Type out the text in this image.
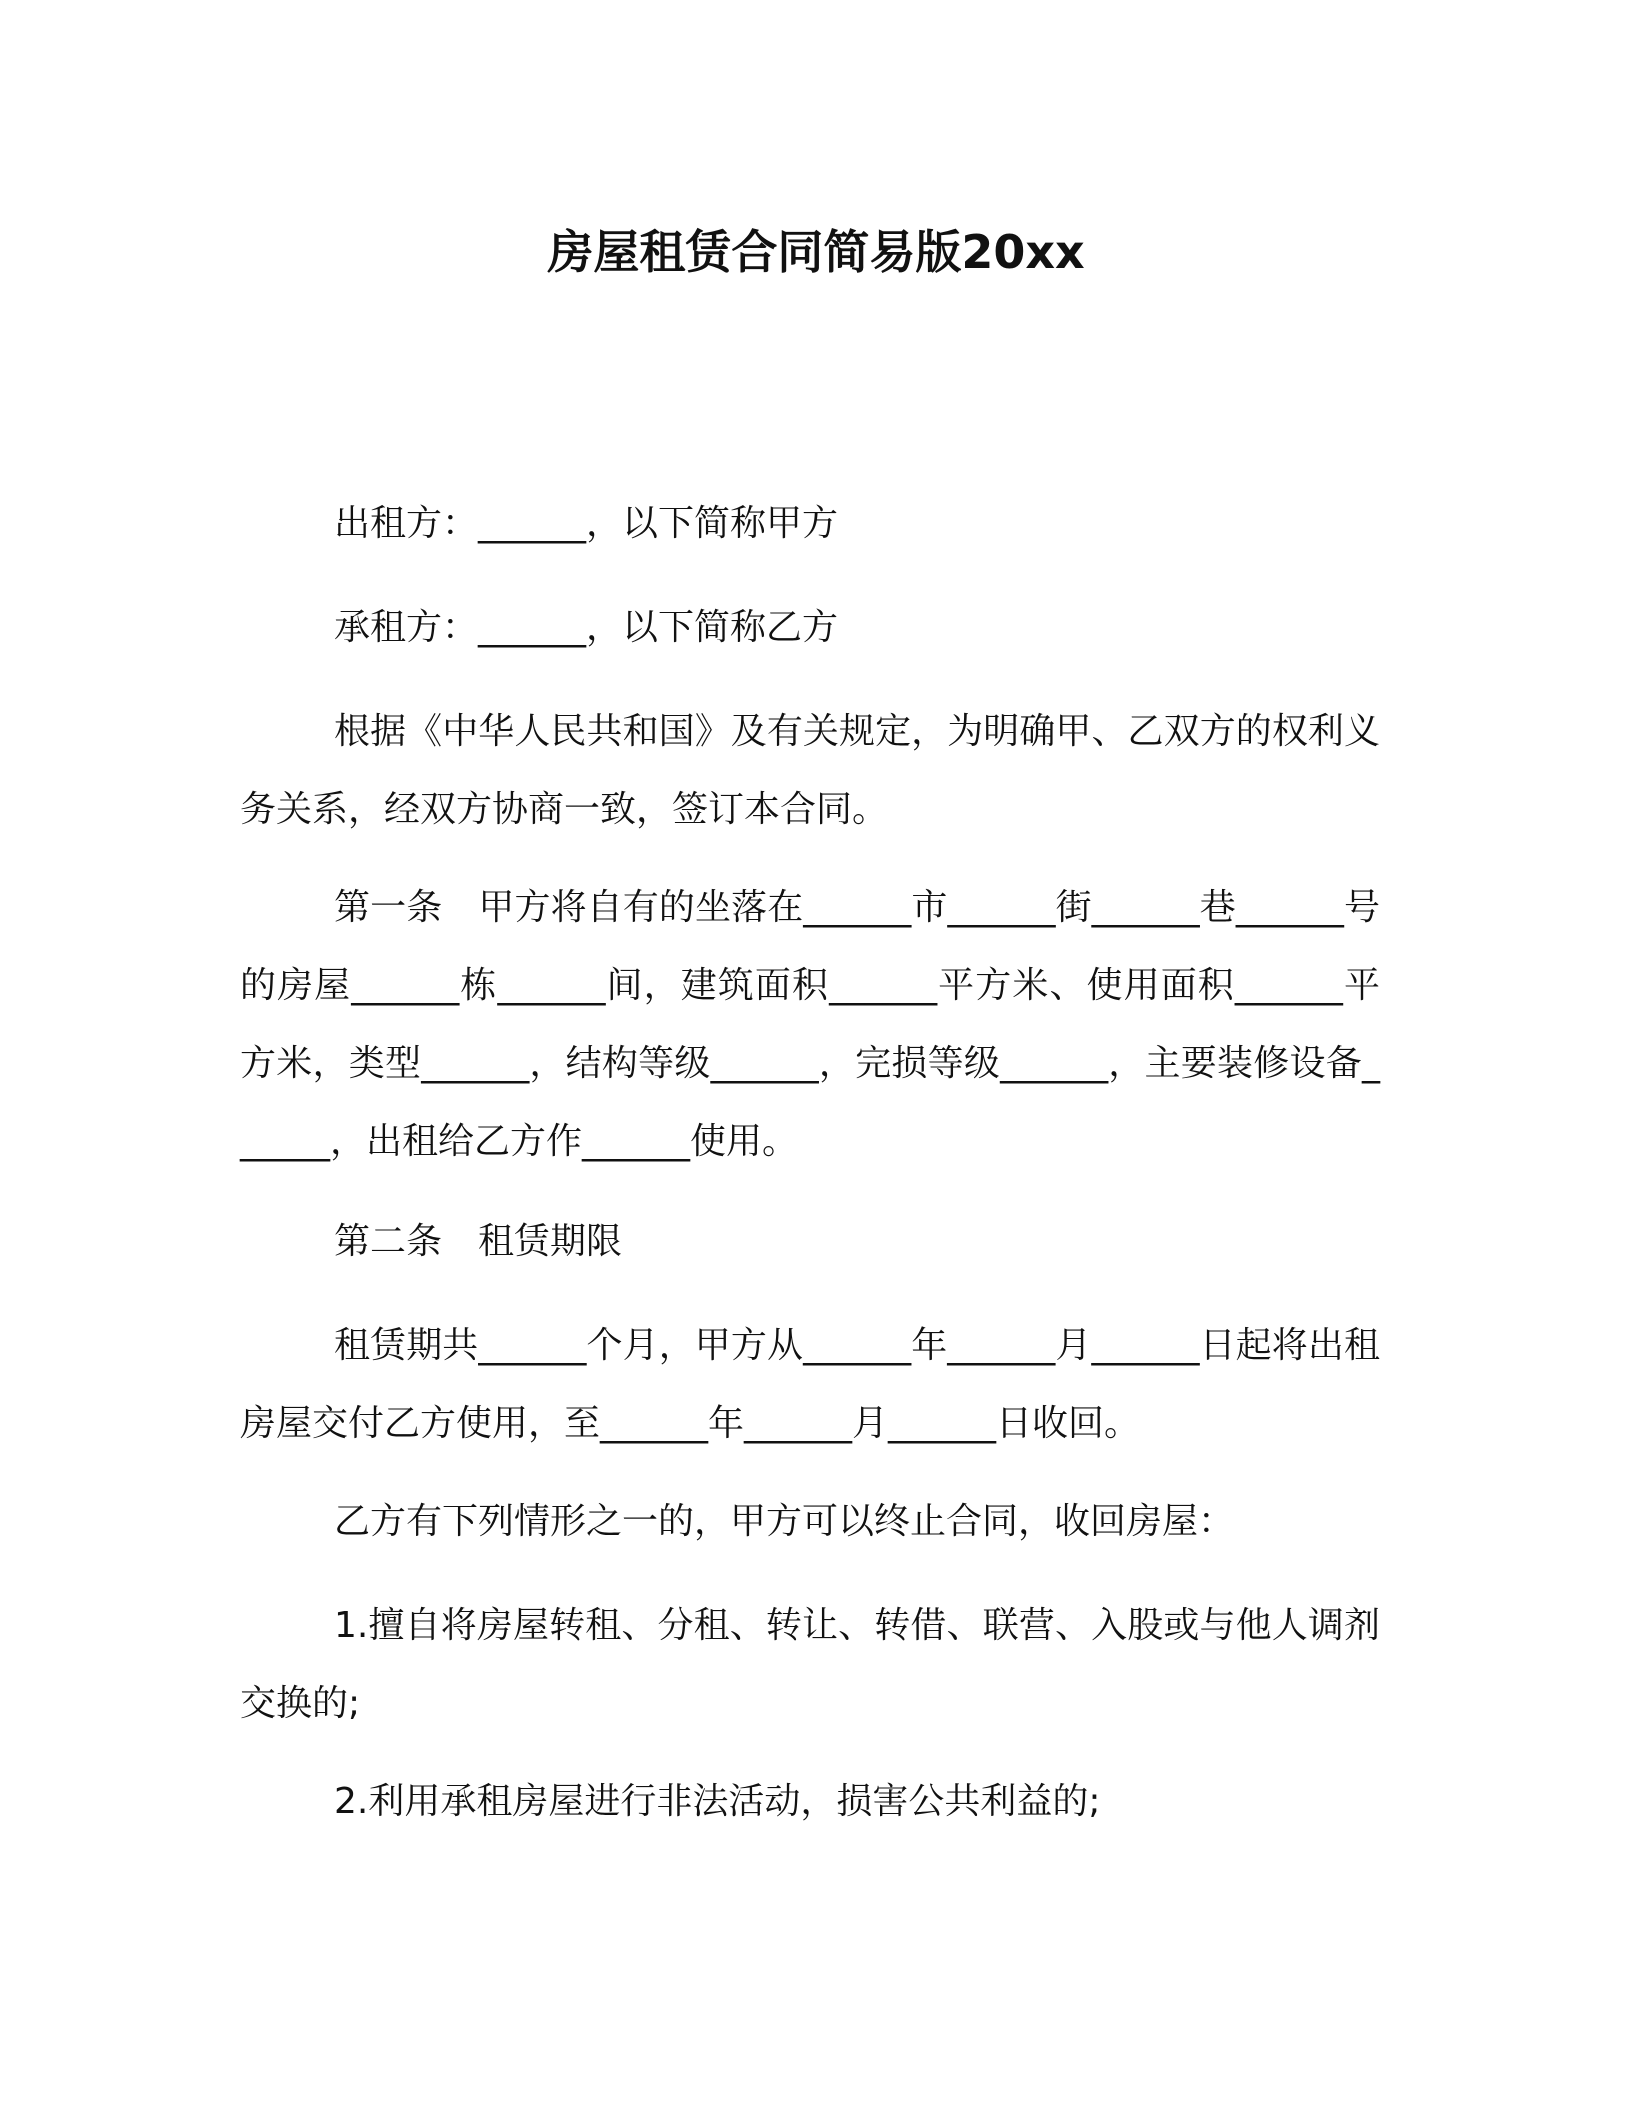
房屋租赁合同简易版20xx

出租方：______，以下简称甲方

承租方：______，以下简称乙方

根据《中华人民共和国》及有关规定，为明确甲、乙双方的权利义务关系，经双方协商一致，签订本合同。

第一条　甲方将自有的坐落在______市______街______巷______号的房屋______栋______间，建筑面积______平方米、使用面积______平方米，类型______，结构等级______，完损等级______，主要装修设备______，出租给乙方作______使用。

第二条　租赁期限

租赁期共______个月，甲方从______年______月______日起将出租房屋交付乙方使用，至______年______月______日收回。

乙方有下列情形之一的，甲方可以终止合同，收回房屋：

1.擅自将房屋转租、分租、转让、转借、联营、入股或与他人调剂交换的;

2.利用承租房屋进行非法活动，损害公共利益的;
